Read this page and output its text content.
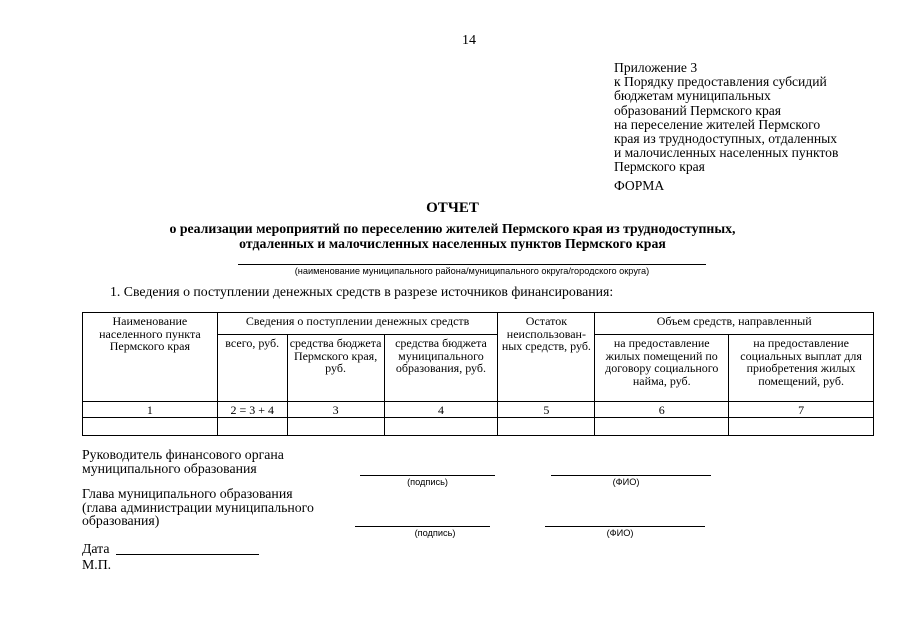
14
Приложение 3
к Порядку предоставления субсидий
бюджетам муниципальных
образований Пермского края
на переселение жителей Пермского
края из труднодоступных, отдаленных
и малочисленных населенных пунктов
Пермского края
ФОРМА
ОТЧЕТ
о реализации мероприятий по переселению жителей Пермского края из труднодоступных,
отдаленных и малочисленных населенных пунктов Пермского края
(наименование муниципального района/муниципального округа/городского округа)
1. Сведения о поступлении денежных средств в разрезе источников финансирования:
Наименование населенного пункта Пермского края	Сведения о поступлении денежных средств			Остаток неиспользован-ных средств, руб.	Объем средств, направленный	
	всего, руб.	средства бюджета Пермского края, руб.	средства бюджета муниципального образования, руб.		на предоставление жилых помещений по договору социального найма, руб.	на предоставление социальных выплат для приобретения жилых помещений, руб.
1	2 = 3 + 4	3	4	5	6	7

Руководитель финансового органа
муниципального образования
(подпись)	(ФИО)
Глава муниципального образования
(глава администрации муниципального
образования)
(подпись)	(ФИО)
Дата
М.П.
